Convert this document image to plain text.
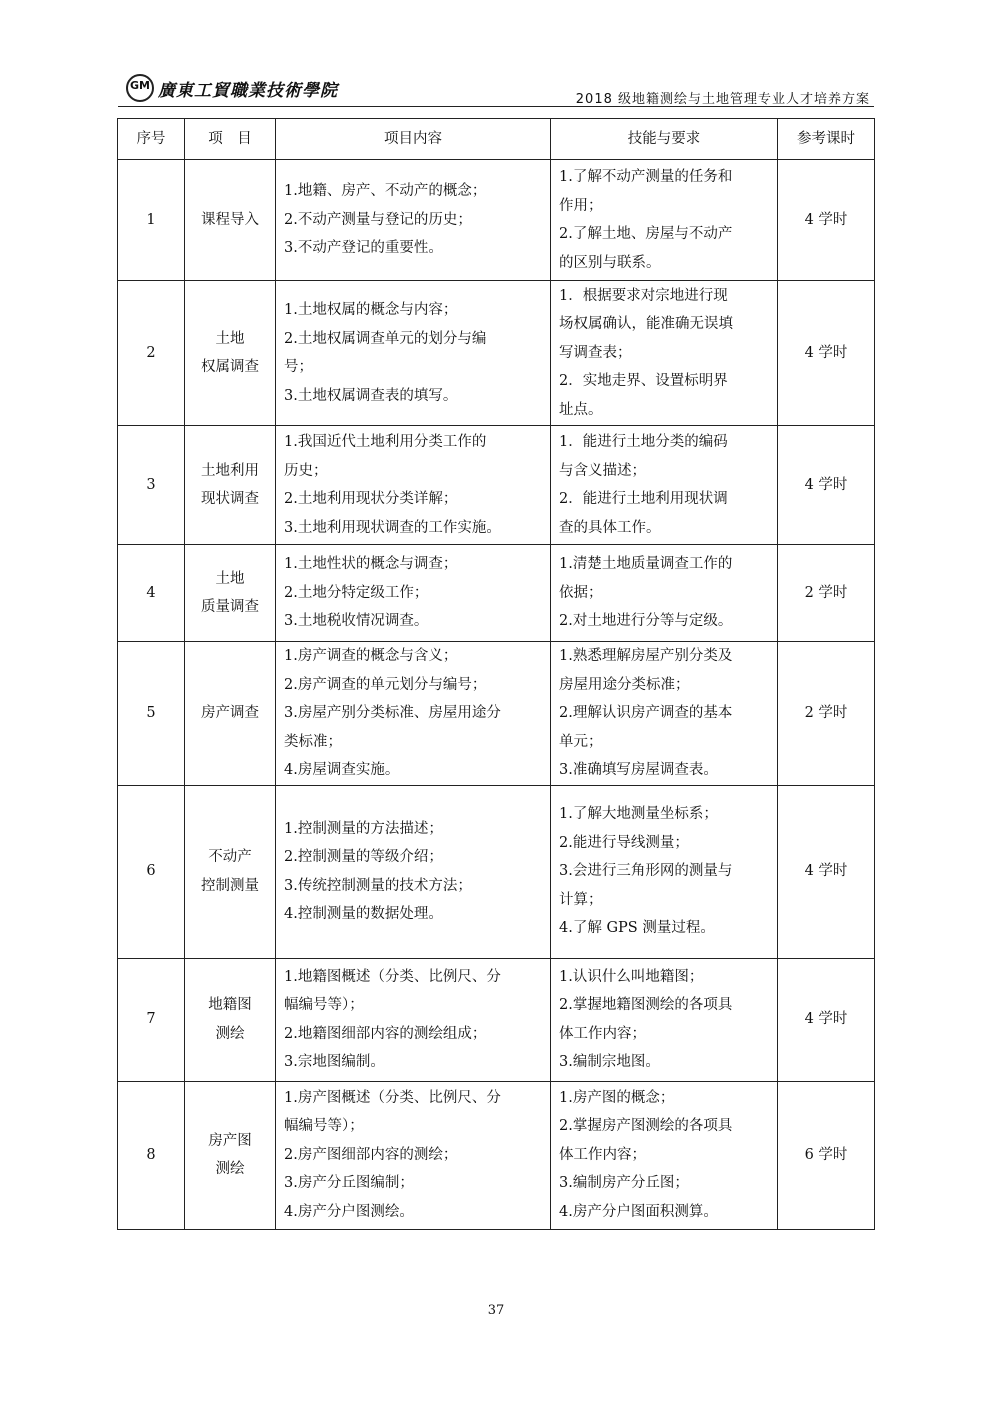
GM 廣東工貿職業技術學院	2018 级地籍测绘与土地管理专业人才培养方案
序号	项　目	项目内容	技能与要求	参考课时
1	课程导入	1.地籍、房产、不动产的概念；
2.不动产测量与登记的历史；
3.不动产登记的重要性。	1.了解不动产测量的任务和
作用；
2.了解土地、房屋与不动产
的区别与联系。	4 学时
2	土地
权属调查	1.土地权属的概念与内容；
2.土地权属调查单元的划分与编
号；
3.土地权属调查表的填写。	1．根据要求对宗地进行现
场权属确认，能准确无误填
写调查表；
2．实地走界、设置标明界
址点。	4 学时
3	土地利用
现状调查	1.我国近代土地利用分类工作的
历史；
2.土地利用现状分类详解；
3.土地利用现状调查的工作实施。	1．能进行土地分类的编码
与含义描述；
2．能进行土地利用现状调
查的具体工作。	4 学时
4	土地
质量调查	1.土地性状的概念与调查；
2.土地分特定级工作；
3.土地税收情况调查。	1.清楚土地质量调查工作的
依据；
2.对土地进行分等与定级。	2 学时
5	房产调查	1.房产调查的概念与含义；
2.房产调查的单元划分与编号；
3.房屋产别分类标准、房屋用途分
类标准；
4.房屋调查实施。	1.熟悉理解房屋产别分类及
房屋用途分类标准；
2.理解认识房产调查的基本
单元；
3.准确填写房屋调查表。	2 学时
6	不动产
控制测量	1.控制测量的方法描述；
2.控制测量的等级介绍；
3.传统控制测量的技术方法；
4.控制测量的数据处理。	1.了解大地测量坐标系；
2.能进行导线测量；
3.会进行三角形网的测量与
计算；
4.了解 GPS 测量过程。	4 学时
7	地籍图
测绘	1.地籍图概述（分类、比例尺、分
幅编号等）；
2.地籍图细部内容的测绘组成；
3.宗地图编制。	1.认识什么叫地籍图；
2.掌握地籍图测绘的各项具
体工作内容；
3.编制宗地图。	4 学时
8	房产图
测绘	1.房产图概述（分类、比例尺、分
幅编号等）；
2.房产图细部内容的测绘；
3.房产分丘图编制；
4.房产分户图测绘。	1.房产图的概念；
2.掌握房产图测绘的各项具
体工作内容；
3.编制房产分丘图；
4.房产分户图面积测算。	6 学时
37
